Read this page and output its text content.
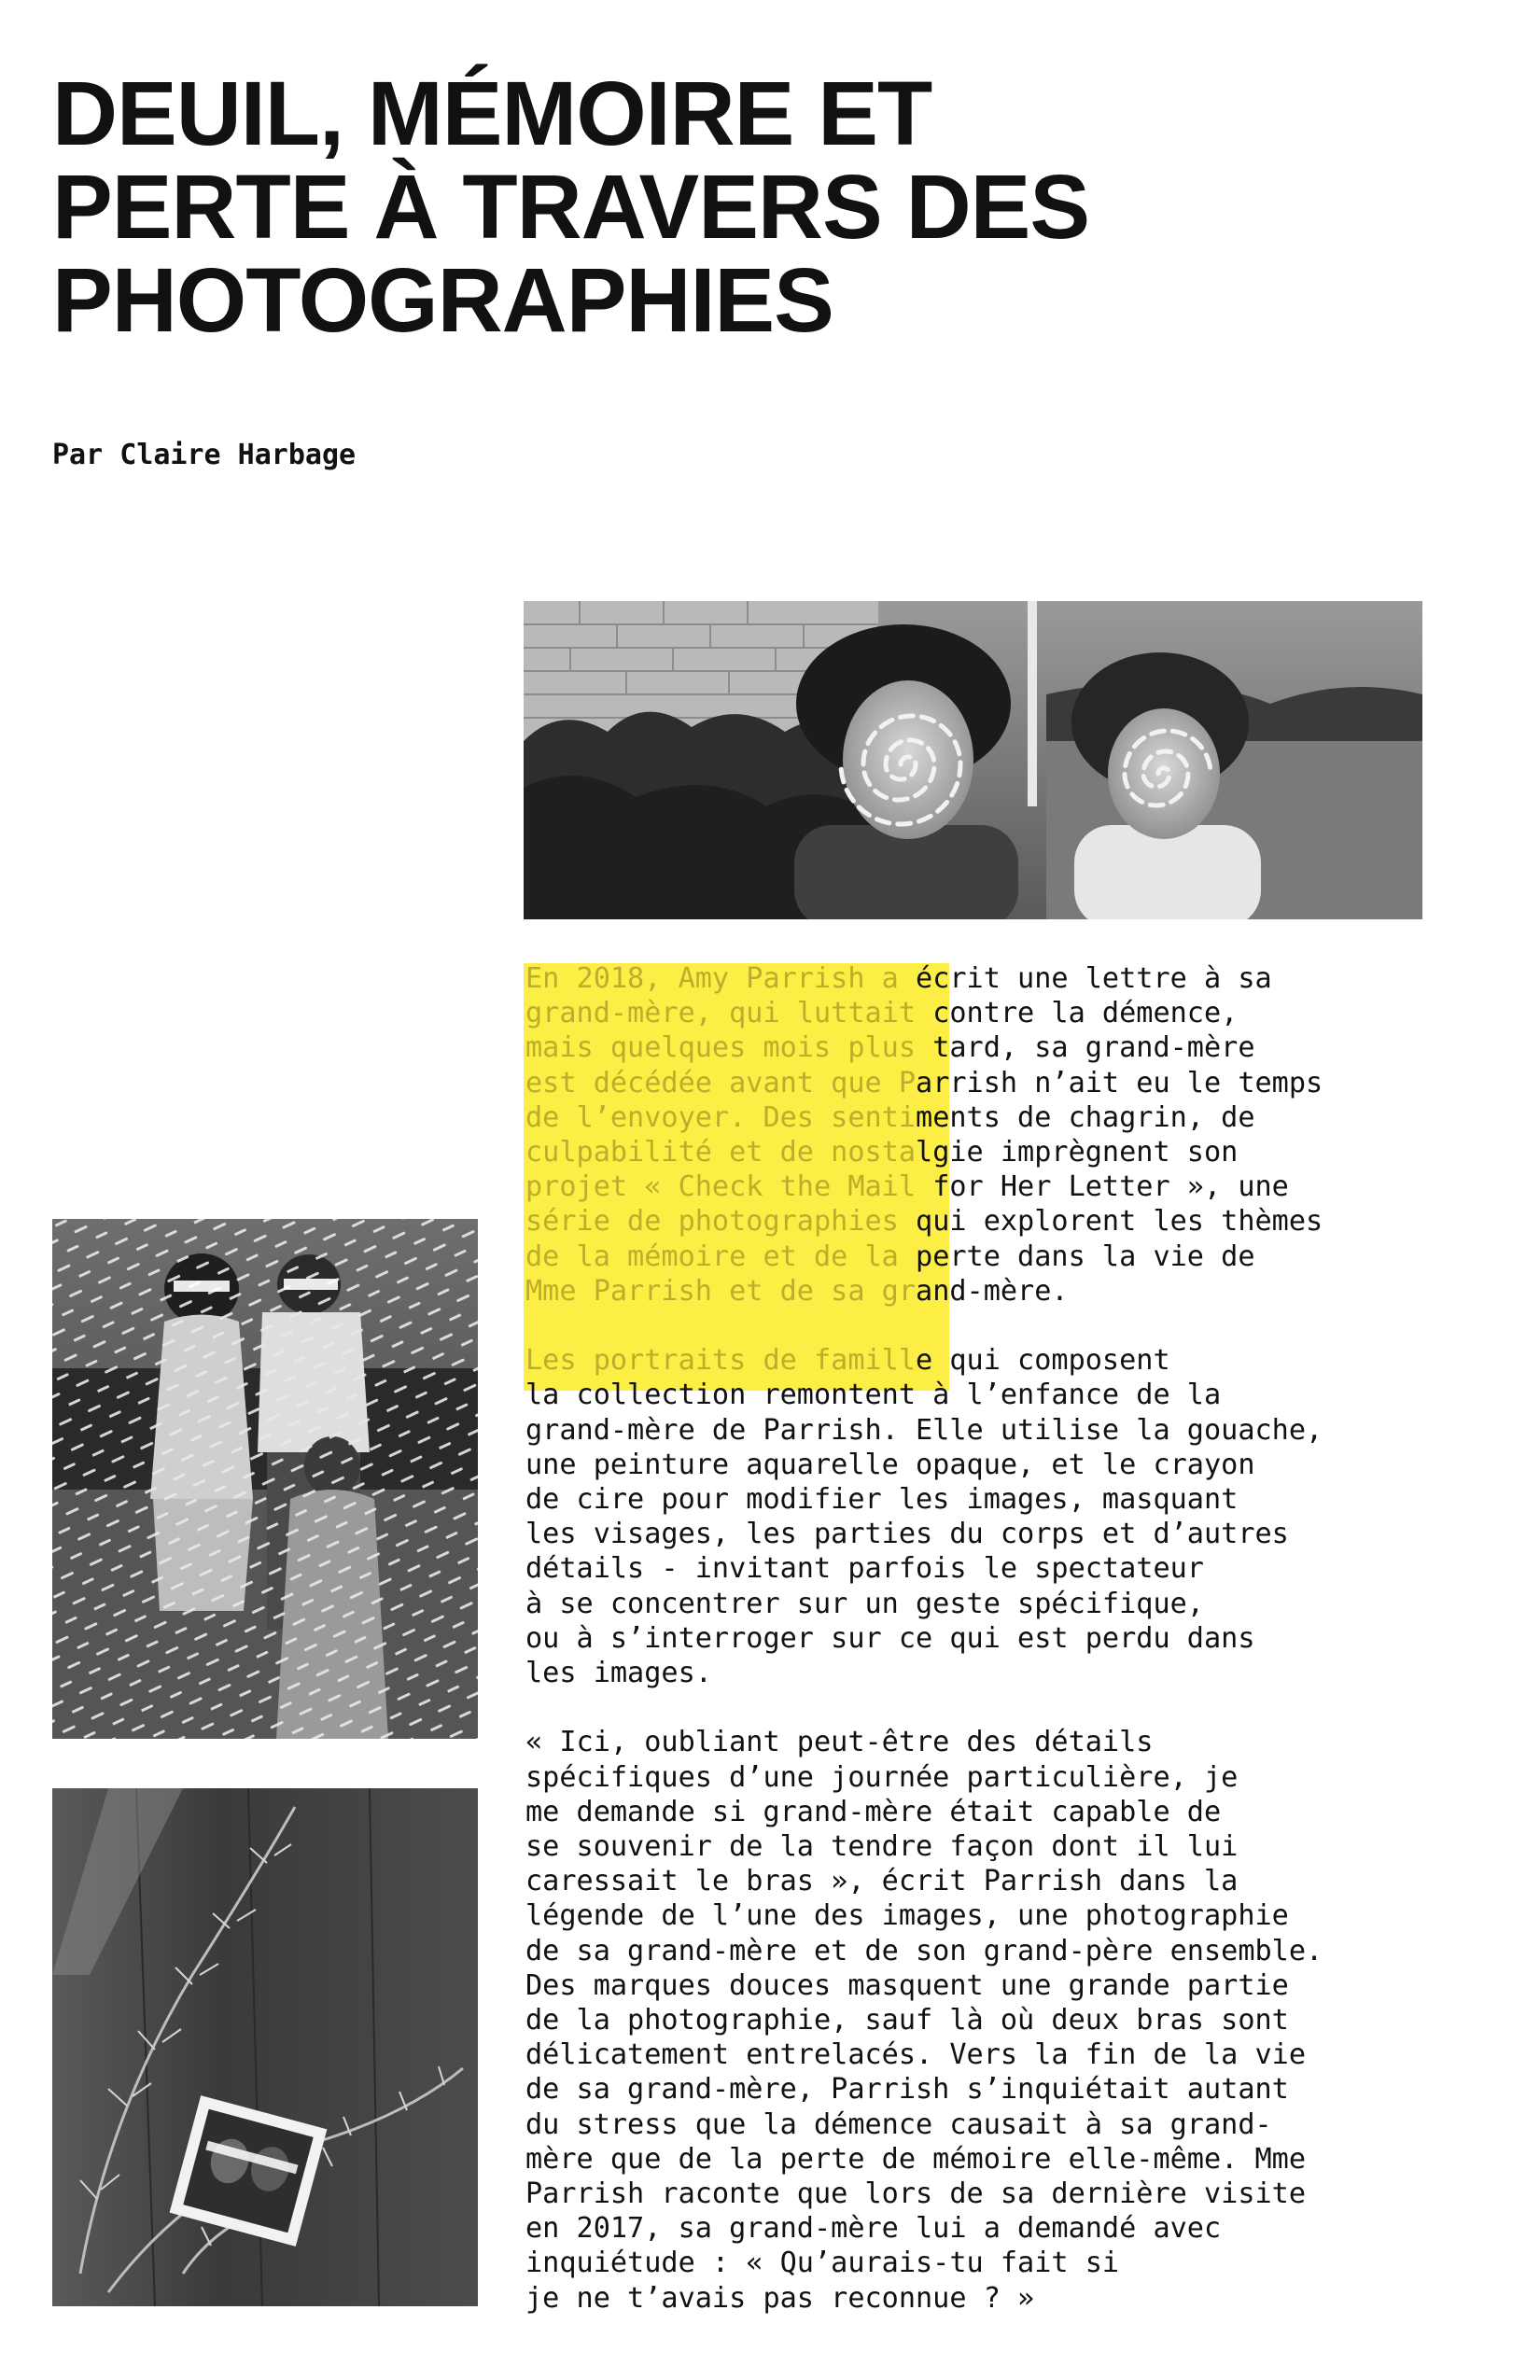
DEUIL, MÉMOIRE ET
PERTE À TRAVERS DES
PHOTOGRAPHIES

Par Claire Harbage

En 2018, Amy Parrish a écrit une lettre à sa
grand-mère, qui luttait contre la démence,
mais quelques mois plus tard, sa grand-mère
est décédée avant que Parrish n’ait eu le temps
de l’envoyer. Des sentiments de chagrin, de
culpabilité et de nostalgie imprègnent son
projet « Check the Mail for Her Letter », une
série de photographies qui explorent les thèmes
de la mémoire et de la perte dans la vie de
Mme Parrish et de sa grand-mère.

Les portraits de famille qui composent
la collection remontent à l’enfance de la
grand-mère de Parrish. Elle utilise la gouache,
une peinture aquarelle opaque, et le crayon
de cire pour modifier les images, masquant
les visages, les parties du corps et d’autres
détails - invitant parfois le spectateur
à se concentrer sur un geste spécifique,
ou à s’interroger sur ce qui est perdu dans
les images.

« Ici, oubliant peut-être des détails
spécifiques d’une journée particulière, je
me demande si grand-mère était capable de
se souvenir de la tendre façon dont il lui
caressait le bras », écrit Parrish dans la
légende de l’une des images, une photographie
de sa grand-mère et de son grand-père ensemble.
Des marques douces masquent une grande partie
de la photographie, sauf là où deux bras sont
délicatement entrelacés. Vers la fin de la vie
de sa grand-mère, Parrish s’inquiétait autant
du stress que la démence causait à sa grand-
mère que de la perte de mémoire elle-même. Mme
Parrish raconte que lors de sa dernière visite
en 2017, sa grand-mère lui a demandé avec
inquiétude : « Qu’aurais-tu fait si
je ne t’avais pas reconnue ? »
